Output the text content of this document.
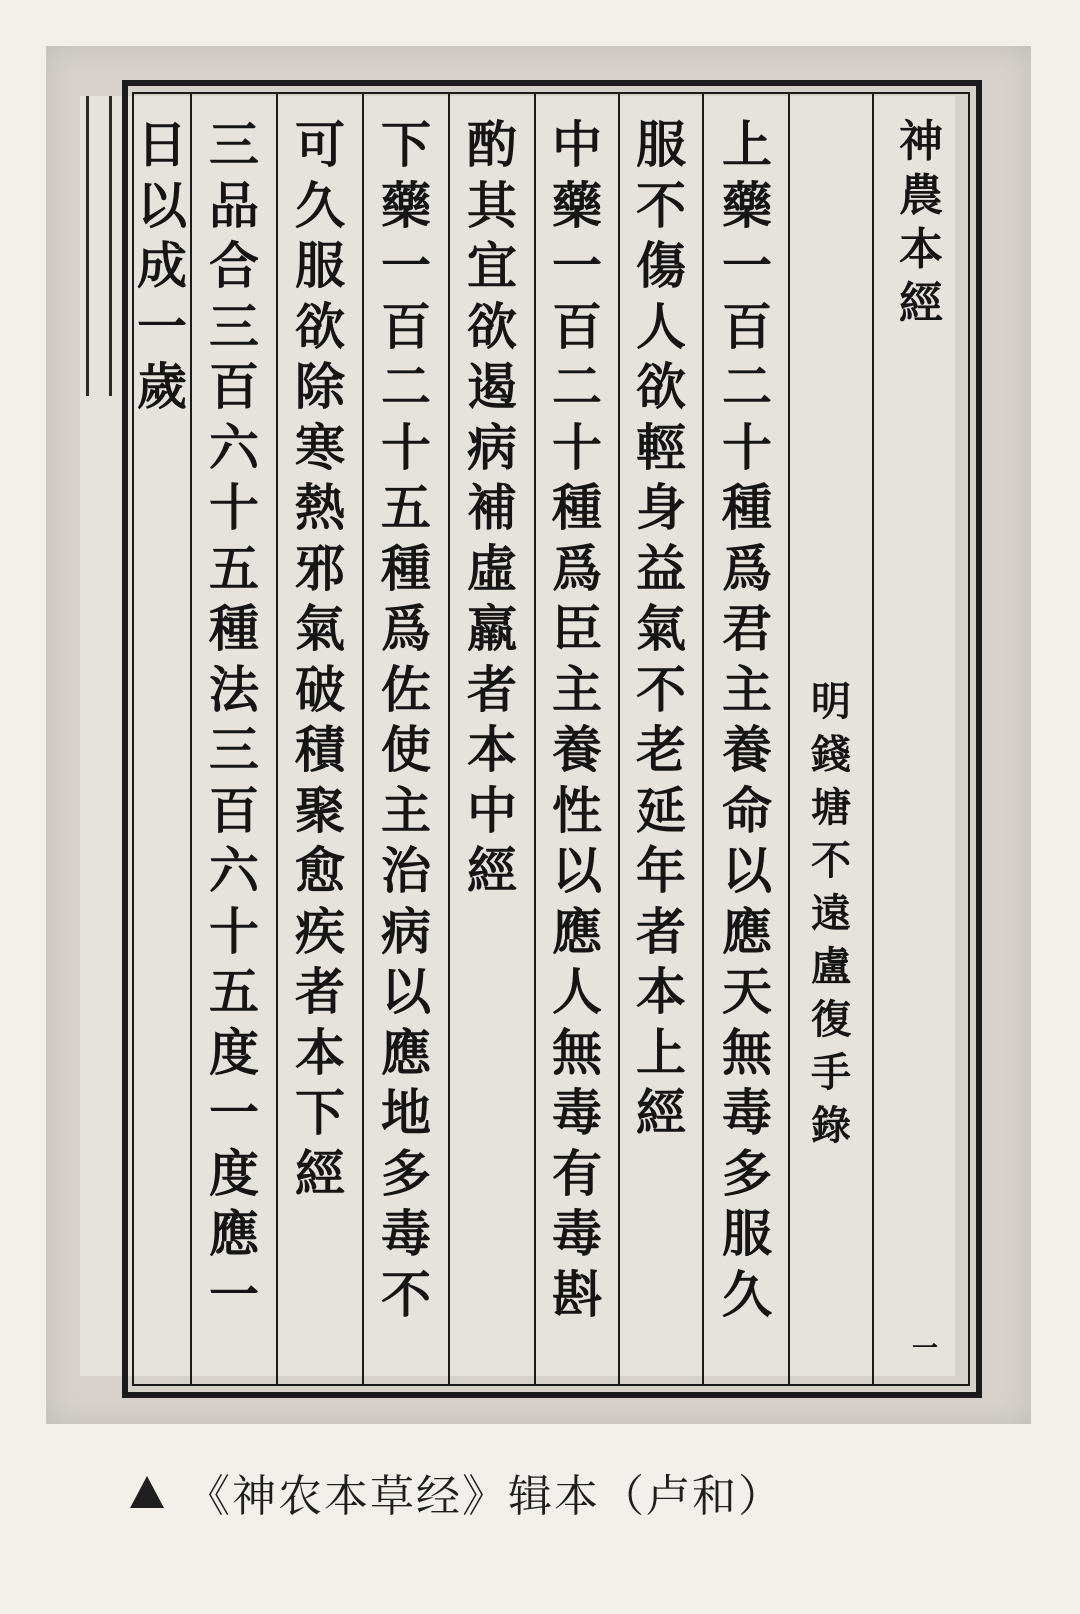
神
農
本
經
明
錢
塘
不
遠
盧
復
手
錄
一
上
藥
一
百
二
十
種
爲
君
主
養
命
以
應
天
無
毒
多
服
久
服
不
傷
人
欲
輕
身
益
氣
不
老
延
年
者
本
上
經
中
藥
一
百
二
十
種
爲
臣
主
養
性
以
應
人
無
毒
有
毒
斟
酌
其
宜
欲
遏
病
補
虛
羸
者
本
中
經
下
藥
一
百
二
十
五
種
爲
佐
使
主
治
病
以
應
地
多
毒
不
可
久
服
欲
除
寒
熱
邪
氣
破
積
聚
愈
疾
者
本
下
經
三
品
合
三
百
六
十
五
種
法
三
百
六
十
五
度
一
度
應
一
日
以
成
一
歲
《神农本草经》辑本（卢和）
